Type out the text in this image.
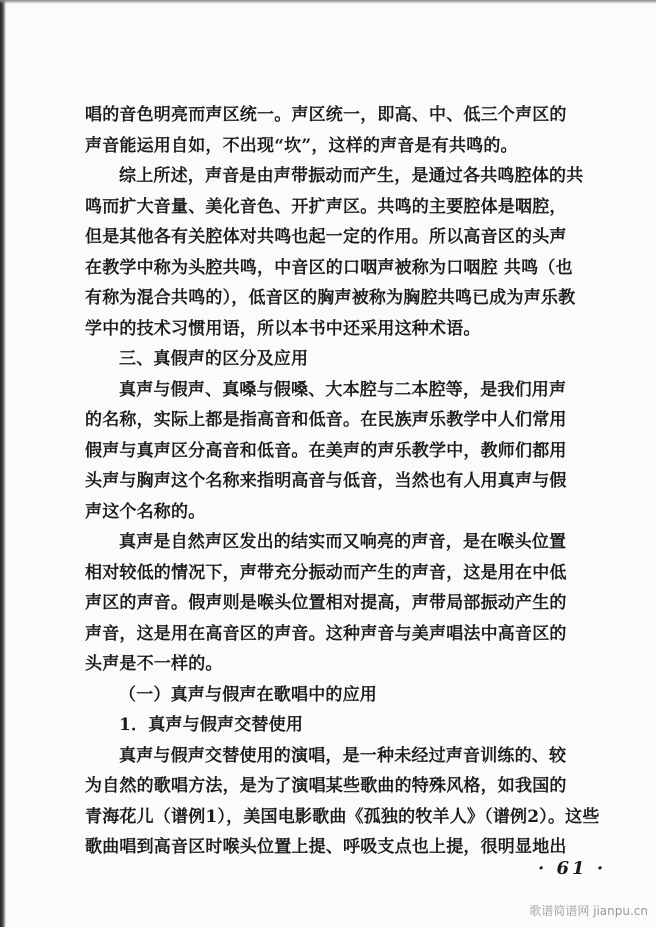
唱的音色明亮而声区统一。声区统一，即高、中、低三个声区的
声音能运用自如，不出现“坎”，这样的声音是有共鸣的。
综上所述，声音是由声带振动而产生，是通过各共鸣腔体的共
鸣而扩大音量、美化音色、开扩声区。共鸣的主要腔体是咽腔，
但是其他各有关腔体对共鸣也起一定的作用。所以高音区的头声
在教学中称为头腔共鸣，中音区的口咽声被称为口咽腔 共鸣（也
有称为混合共鸣的），低音区的胸声被称为胸腔共鸣已成为声乐教
学中的技术习惯用语，所以本书中还采用这种术语。
三、真假声的区分及应用
真声与假声、真嗓与假嗓、大本腔与二本腔等，是我们用声
的名称，实际上都是指高音和低音。在民族声乐教学中人们常用
假声与真声区分高音和低音。在美声的声乐教学中，教师们都用
头声与胸声这个名称来指明高音与低音，当然也有人用真声与假
声这个名称的。
真声是自然声区发出的结实而又响亮的声音，是在喉头位置
相对较低的情况下，声带充分振动而产生的声音，这是用在中低
声区的声音。假声则是喉头位置相对提高，声带局部振动产生的
声音，这是用在高音区的声音。这种声音与美声唱法中高音区的
头声是不一样的。
（一）真声与假声在歌唱中的应用
1．真声与假声交替使用
真声与假声交替使用的演唱，是一种未经过声音训练的、较
为自然的歌唱方法，是为了演唱某些歌曲的特殊风格，如我国的
青海花儿（谱例1），美国电影歌曲《孤独的牧羊人》（谱例2）。这些
歌曲唱到高音区时喉头位置上提、呼吸支点也上提，很明显地出
· 61 ·
歌谱简谱网 jianpu.cn
